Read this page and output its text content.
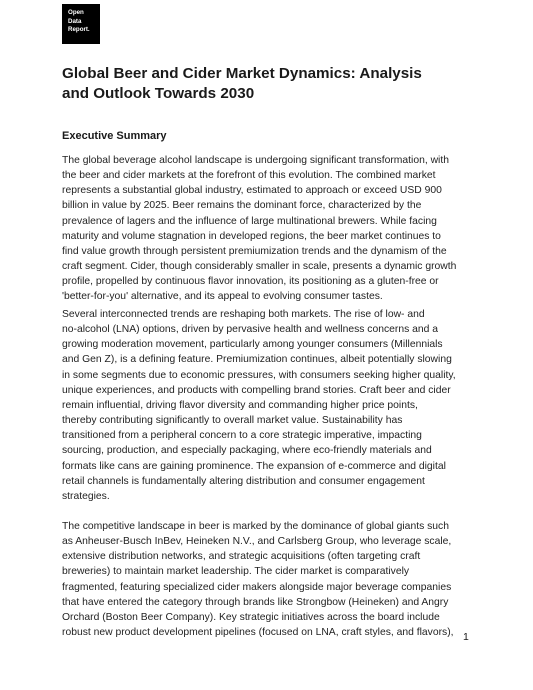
Open
Data
Report.
Global Beer and Cider Market Dynamics: Analysis and Outlook Towards 2030
Executive Summary

The global beverage alcohol landscape is undergoing significant transformation, with
the beer and cider markets at the forefront of this evolution. The combined market
represents a substantial global industry, estimated to approach or exceed USD 900
billion in value by 2025. Beer remains the dominant force, characterized by the
prevalence of lagers and the influence of large multinational brewers. While facing
maturity and volume stagnation in developed regions, the beer market continues to
find value growth through persistent premiumization trends and the dynamism of the
craft segment. Cider, though considerably smaller in scale, presents a dynamic growth
profile, propelled by continuous flavor innovation, its positioning as a gluten-free or
'better-for-you' alternative, and its appeal to evolving consumer tastes.

Several interconnected trends are reshaping both markets. The rise of low- and
no-alcohol (LNA) options, driven by pervasive health and wellness concerns and a
growing moderation movement, particularly among younger consumers (Millennials
and Gen Z), is a defining feature. Premiumization continues, albeit potentially slowing
in some segments due to economic pressures, with consumers seeking higher quality,
unique experiences, and products with compelling brand stories. Craft beer and cider
remain influential, driving flavor diversity and commanding higher price points,
thereby contributing significantly to overall market value. Sustainability has
transitioned from a peripheral concern to a core strategic imperative, impacting
sourcing, production, and especially packaging, where eco-friendly materials and
formats like cans are gaining prominence. The expansion of e-commerce and digital
retail channels is fundamentally altering distribution and consumer engagement
strategies.

The competitive landscape in beer is marked by the dominance of global giants such
as Anheuser-Busch InBev, Heineken N.V., and Carlsberg Group, who leverage scale,
extensive distribution networks, and strategic acquisitions (often targeting craft
breweries) to maintain market leadership. The cider market is comparatively
fragmented, featuring specialized cider makers alongside major beverage companies
that have entered the category through brands like Strongbow (Heineken) and Angry
Orchard (Boston Beer Company). Key strategic initiatives across the board include
robust new product development pipelines (focused on LNA, craft styles, and flavors), 1
